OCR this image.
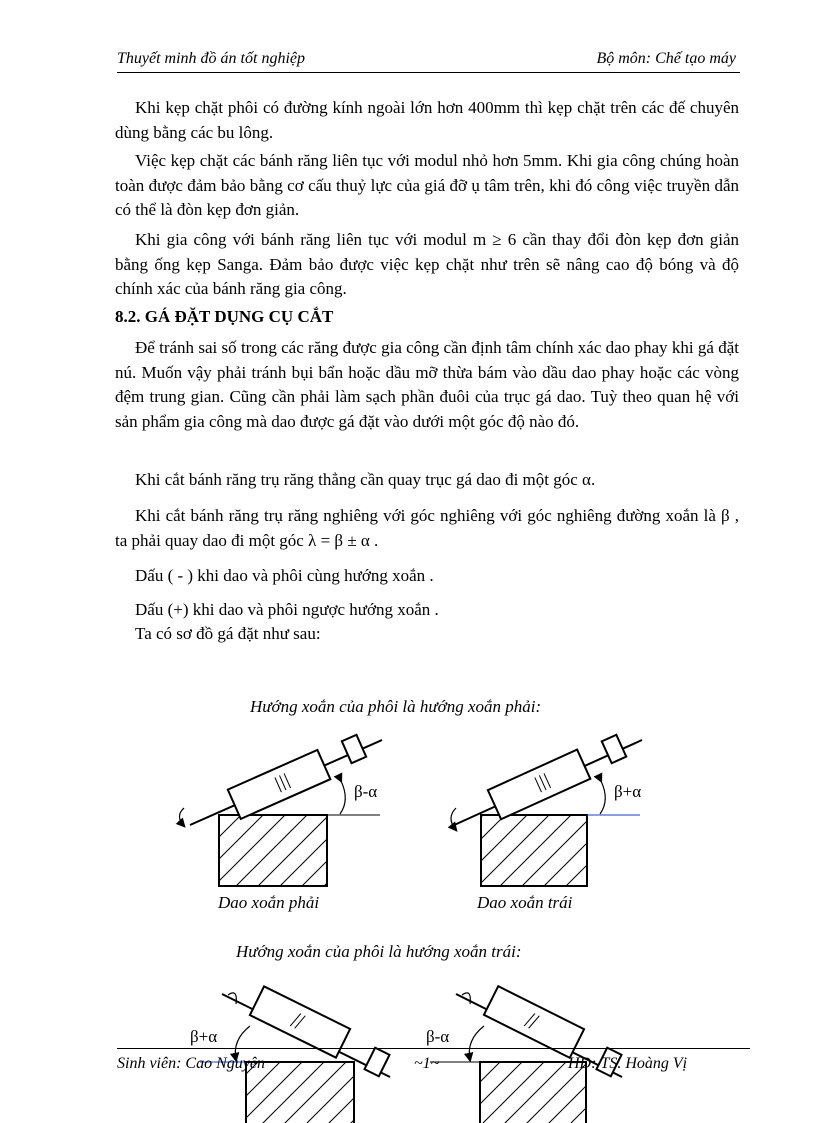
Thuyết minh đồ án tốt nghiệp	Bộ môn: Chế tạo máy

Khi kẹp chặt phôi có đường kính ngoài lớn hơn 400mm thì kẹp chặt trên các đế chuyên dùng bằng các bu lông.

Việc kẹp chặt các bánh răng liên tục với modul nhỏ hơn 5mm. Khi gia công chúng hoàn toàn được đảm bảo bằng cơ cấu thuỷ lực của giá đỡ ụ tâm trên, khi đó công việc truyền dẫn có thể là đòn kẹp đơn giản.

Khi gia công với bánh răng liên tục với modul m ≥ 6 cần thay đổi đòn kẹp đơn giản bằng ống kẹp Sanga. Đảm bảo được việc kẹp chặt như trên sẽ nâng cao độ bóng và độ chính xác của bánh răng gia công.

8.2. GÁ ĐẶT DỤNG CỤ CẮT

Để tránh sai số trong các răng được gia công cần định tâm chính xác dao phay khi gá đặt nú. Muốn vậy phải tránh bụi bẩn hoặc dầu mỡ thừa bám vào dầu dao phay hoặc các vòng đệm trung gian. Cũng cần phải làm sạch phần đuôi của trục gá dao. Tuỳ theo quan hệ với sản phẩm gia công mà dao được gá đặt vào dưới một góc độ nào đó.

Khi cắt bánh răng trụ răng thẳng cần quay trục gá dao đi một góc α.

Khi cắt bánh răng trụ răng nghiêng với góc nghiêng với góc nghiêng đường xoắn là β , ta phải quay dao đi một góc λ = β ± α .

Dấu ( - ) khi dao và phôi cùng hướng xoắn .

Dấu (+) khi dao và phôi ngược hướng xoắn .

Ta có sơ đồ gá đặt như sau:

Hướng xoắn của phôi là hướng xoắn phải:
β-α	β+α
Dao xoắn phải	Dao xoắn trái
Hướng xoắn của phôi là hướng xoắn trái:
β+α	β-α
Sinh viên: Cao Nguyên	~1~	HD: TS. Hoàng Vị
